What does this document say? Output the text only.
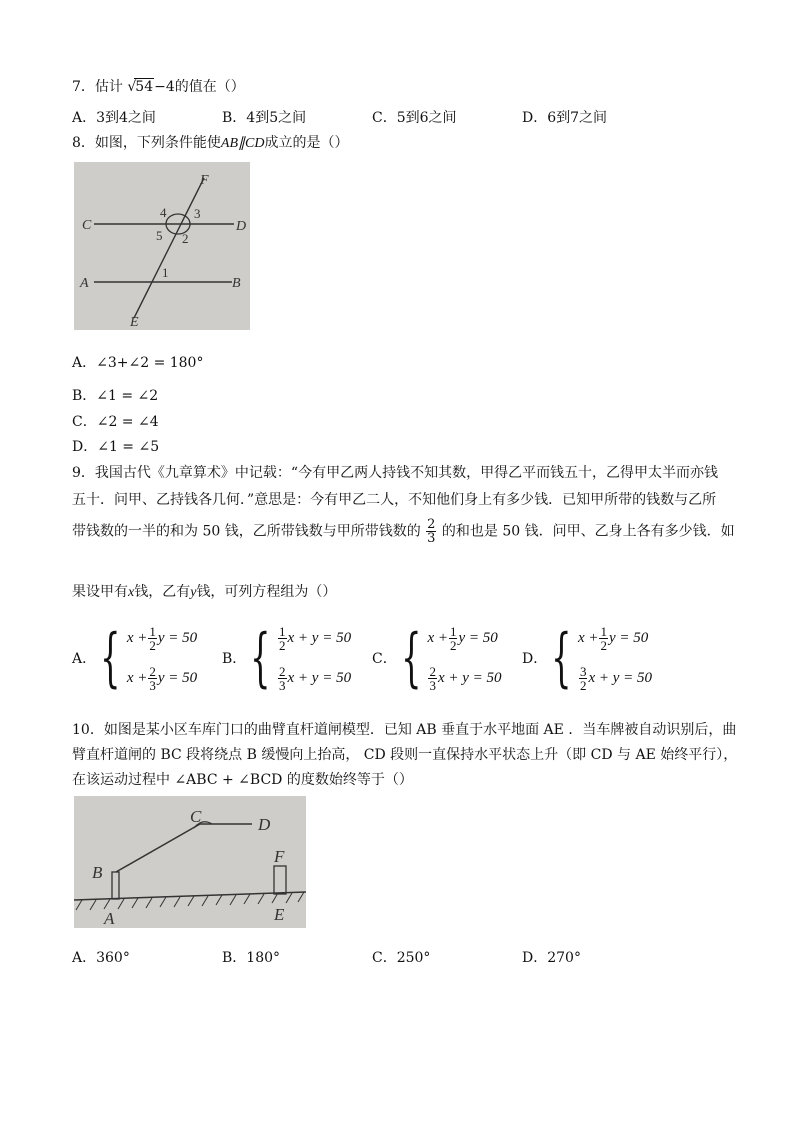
7．估计 √54−4的值在（）
A．3到4之间	B．4到5之间	C．5到6之间	D．6到7之间
8．如图，下列条件能使AB∥CD成立的是（）
F
C	D
A	B
E
4 3
5 2
1
A．∠3+∠2 = 180°
B．∠1 = ∠2
C．∠2 = ∠4
D．∠1 = ∠5
9．我国古代《九章算术》中记载：“今有甲乙两人持钱不知其数，甲得乙平而钱五十，乙得甲太半而亦钱
五十．问甲、乙持钱各几何．”意思是：今有甲乙二人，不知他们身上有多少钱．已知甲所带的钱数与乙所
带钱数的一半的和为 50 钱，乙所带钱数与甲所带钱数的 $\frac{2}{3}$ 的和也是 50 钱．问甲、乙身上各有多少钱．如
果设甲有x钱，乙有y钱，可列方程组为（）
A． { $x + \frac{1}{2}$ y = 50
$x + \frac{2}{3}$ y = 50
B． { $\frac{1}{2}$ x + y = 50
$\frac{2}{3}$ x + y = 50
C． { $x + \frac{1}{2}$ y = 50
$\frac{2}{3}$ x + y = 50
D． { $x + \frac{1}{2}$ y = 50
$\frac{3}{2}$ x + y = 50
10．如图是某小区车库门口的曲臂直杆道闸模型．已知 AB 垂直于水平地面 AE ．当车牌被自动识别后，曲
臂直杆道闸的 BC 段将绕点 B 缓慢向上抬高， CD 段则一直保持水平状态上升（即 CD 与 AE 始终平行），
在该运动过程中 ∠ABC + ∠BCD 的度数始终等于（）
C	D
B
F
A	E
A．360°	B．180°	C．250°	D．270°
